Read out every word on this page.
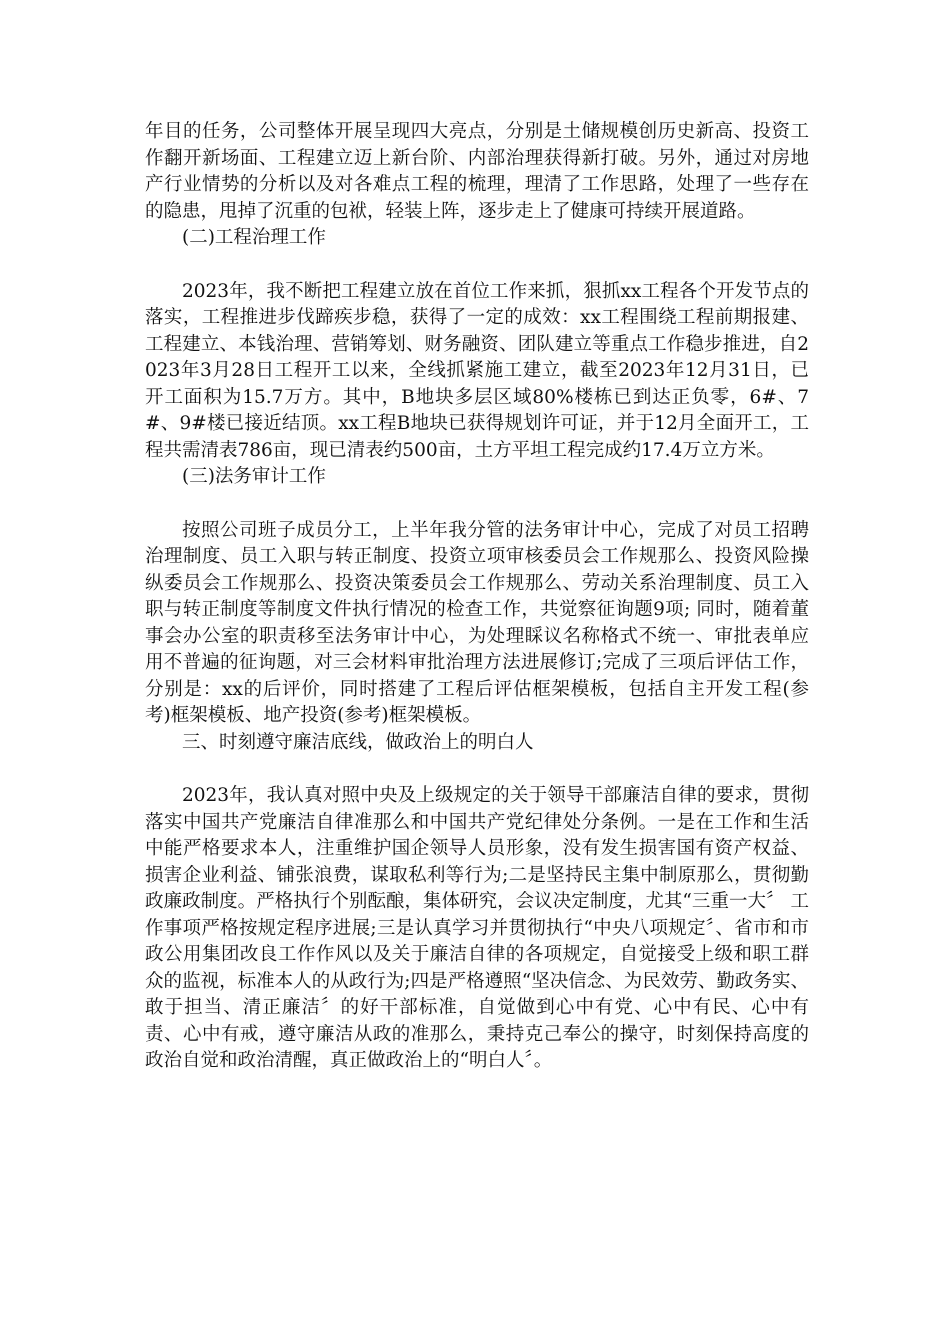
年目的任务，公司整体开展呈现四大亮点，分别是土储规模创历史新高、投资工作翻开新场面、工程建立迈上新台阶、内部治理获得新打破。另外，通过对房地产行业情势的分析以及对各难点工程的梳理，理清了工作思路，处理了一些存在的隐患，甩掉了沉重的包袱，轻装上阵，逐步走上了健康可持续开展道路。

(二)工程治理工作

2023年，我不断把工程建立放在首位工作来抓，狠抓xx工程各个开发节点的落实，工程推进步伐蹄疾步稳，获得了一定的成效：xx工程围绕工程前期报建、工程建立、本钱治理、营销筹划、财务融资、团队建立等重点工作稳步推进，自2023年3月28日工程开工以来，全线抓紧施工建立，截至2023年12月31日，已开工面积为15.7万方。其中，B地块多层区域80%楼栋已到达正负零，6#、7#、9#楼已接近结顶。xx工程B地块已获得规划许可证，并于12月全面开工，工程共需清表786亩，现已清表约500亩，土方平坦工程完成约17.4万立方米。

(三)法务审计工作

按照公司班子成员分工，上半年我分管的法务审计中心，完成了对员工招聘治理制度、员工入职与转正制度、投资立项审核委员会工作规那么、投资风险操纵委员会工作规那么、投资决策委员会工作规那么、劳动关系治理制度、员工入职与转正制度等制度文件执行情况的检查工作，共觉察征询题9项; 同时，随着董事会办公室的职责移至法务审计中心，为处理睬议名称格式不统一、审批表单应用不普遍的征询题，对三会材料审批治理方法进展修订;完成了三项后评估工作，分别是：xx的后评价，同时搭建了工程后评估框架模板，包括自主开发工程(参考)框架模板、地产投资(参考)框架模板。

三、时刻遵守廉洁底线，做政治上的明白人

2023年，我认真对照中央及上级规定的关于领导干部廉洁自律的要求，贯彻落实中国共产党廉洁自律准那么和中国共产党纪律处分条例。一是在工作和生活中能严格要求本人，注重维护国企领导人员形象，没有发生损害国有资产权益、损害企业利益、铺张浪费，谋取私利等行为;二是坚持民主集中制原那么，贯彻勤政廉政制度。严格执行个别酝酿，集体研究，会议决定制度，尤其“三重一大〞 工作事项严格按规定程序进展;三是认真学习并贯彻执行“中央八项规定〞、省市和市政公用集团改良工作作风以及关于廉洁自律的各项规定，自觉接受上级和职工群众的监视，标准本人的从政行为;四是严格遵照“坚决信念、为民效劳、勤政务实、敢于担当、清正廉洁〞的好干部标准，自觉做到心中有党、心中有民、心中有责、心中有戒，遵守廉洁从政的准那么，秉持克己奉公的操守，时刻保持高度的政治自觉和政治清醒，真正做政治上的“明白人〞。
